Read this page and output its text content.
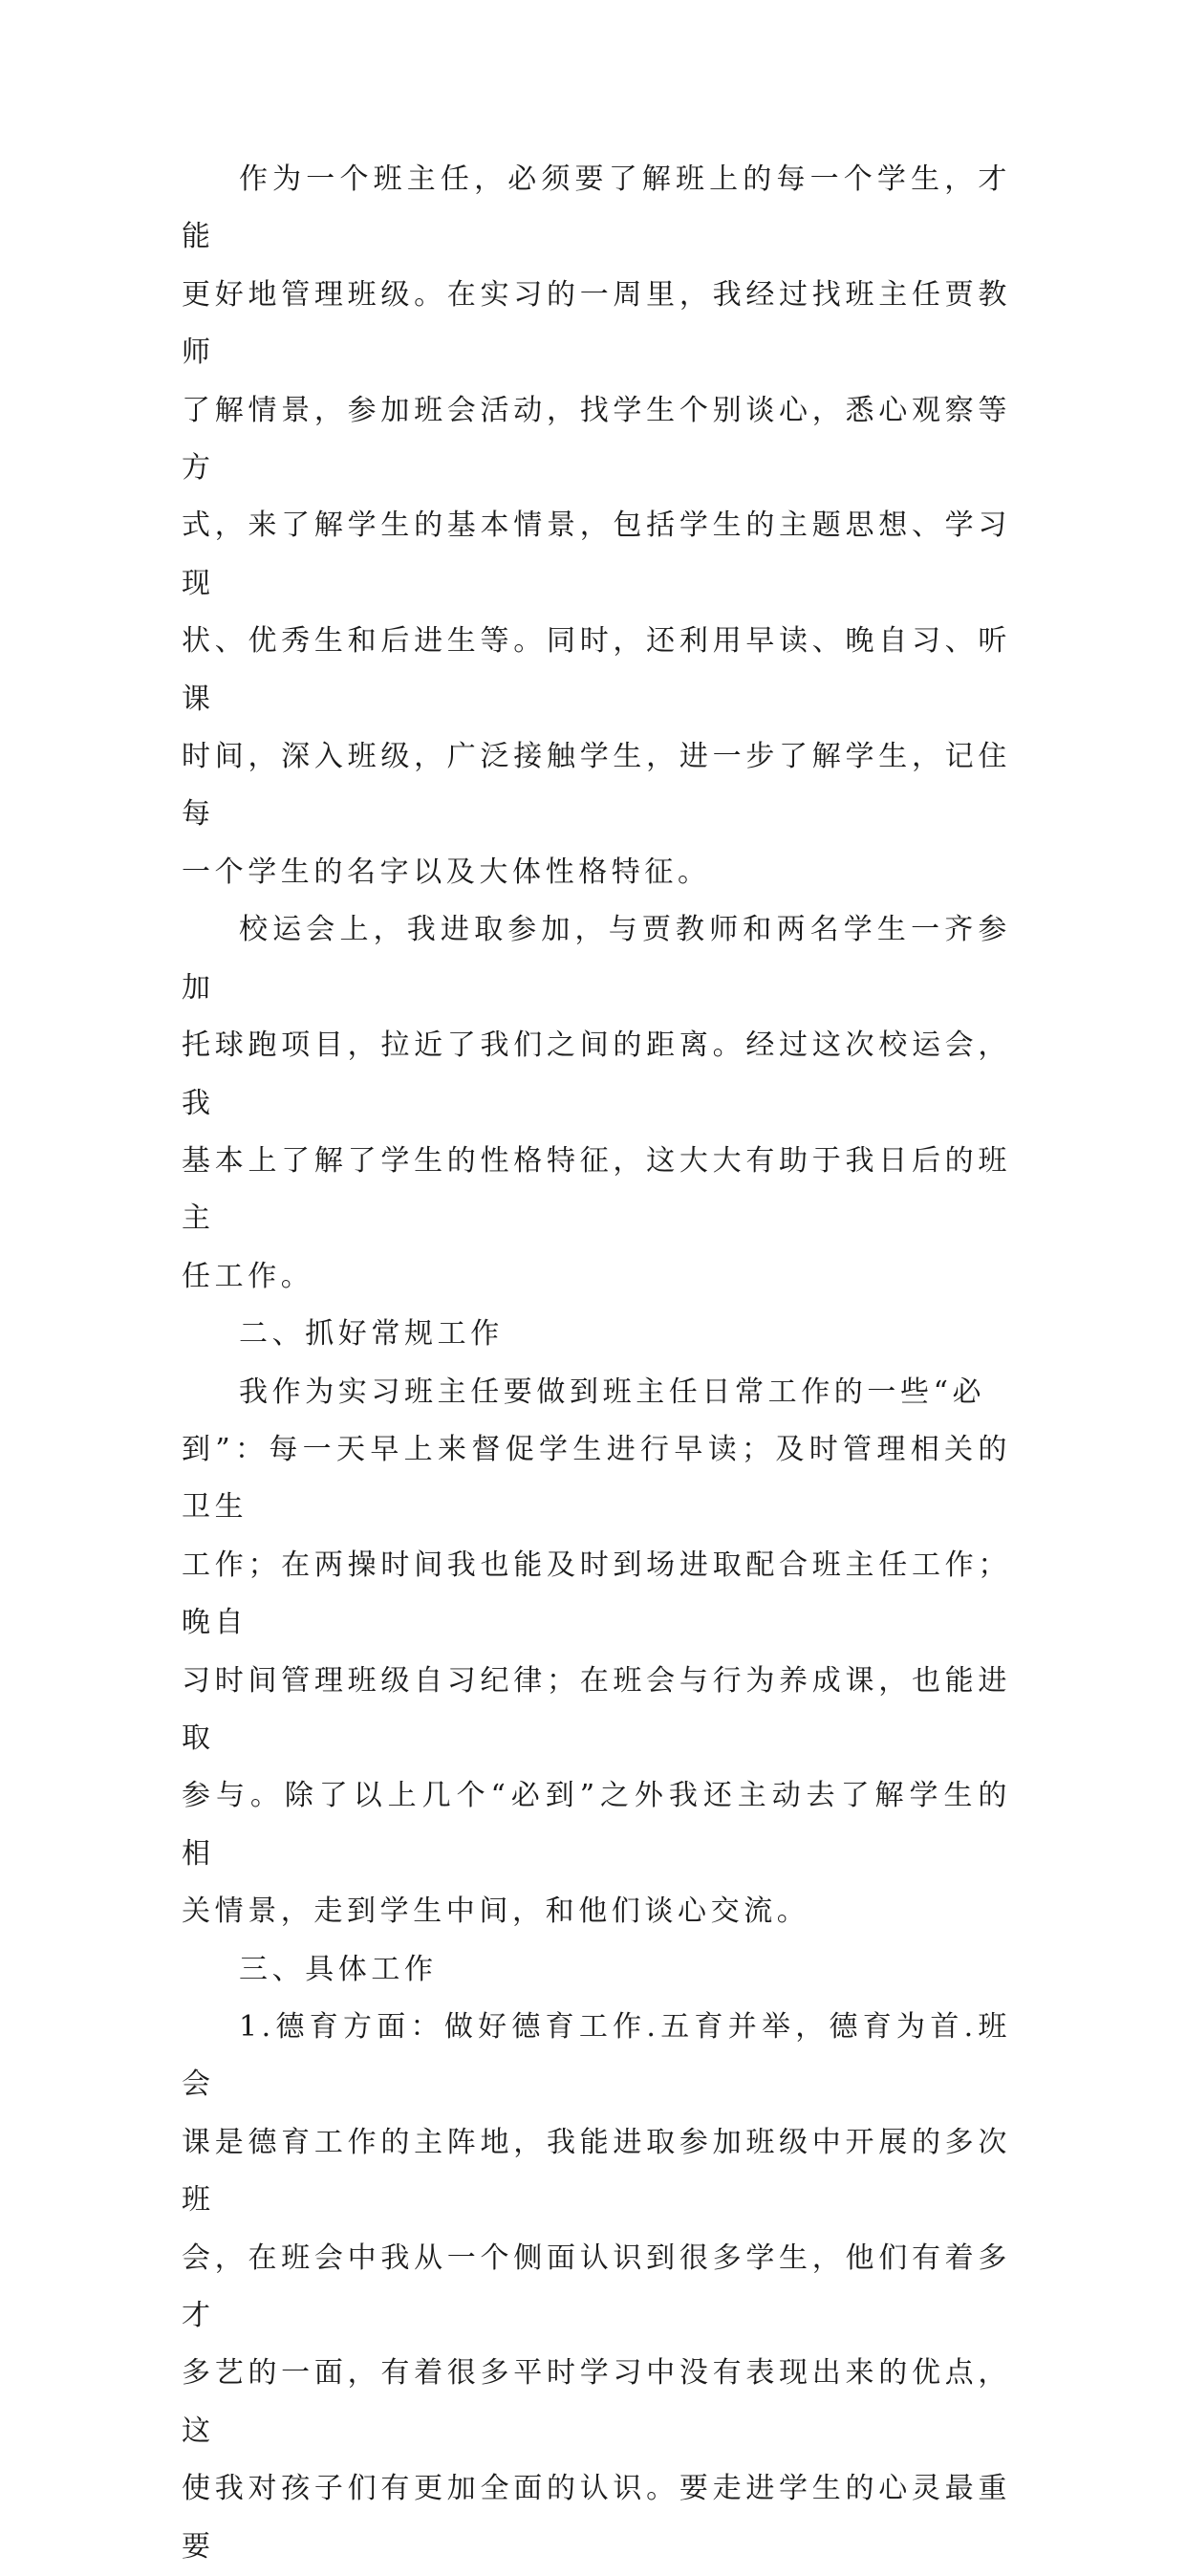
作为一个班主任，必须要了解班上的每一个学生，才能
更好地管理班级。在实习的一周里，我经过找班主任贾教师
了解情景，参加班会活动，找学生个别谈心，悉心观察等方
式，来了解学生的基本情景，包括学生的主题思想、学习现
状、优秀生和后进生等。同时，还利用早读、晚自习、听课
时间，深入班级，广泛接触学生，进一步了解学生，记住每
一个学生的名字以及大体性格特征。

校运会上，我进取参加，与贾教师和两名学生一齐参加
托球跑项目，拉近了我们之间的距离。经过这次校运会，我
基本上了解了学生的性格特征，这大大有助于我日后的班主
任工作。

二、抓好常规工作

我作为实习班主任要做到班主任日常工作的一些“必
到”：每一天早上来督促学生进行早读；及时管理相关的卫生
工作；在两操时间我也能及时到场进取配合班主任工作；晚自
习时间管理班级自习纪律；在班会与行为养成课，也能进取
参与。除了以上几个“必到”之外我还主动去了解学生的相
关情景，走到学生中间，和他们谈心交流。

三、具体工作

1.德育方面：做好德育工作.五育并举，德育为首.班会
课是德育工作的主阵地，我能进取参加班级中开展的多次班
会，在班会中我从一个侧面认识到很多学生，他们有着多才
多艺的一面，有着很多平时学习中没有表现出来的优点，这
使我对孩子们有更加全面的认识。要走进学生的心灵最重要
